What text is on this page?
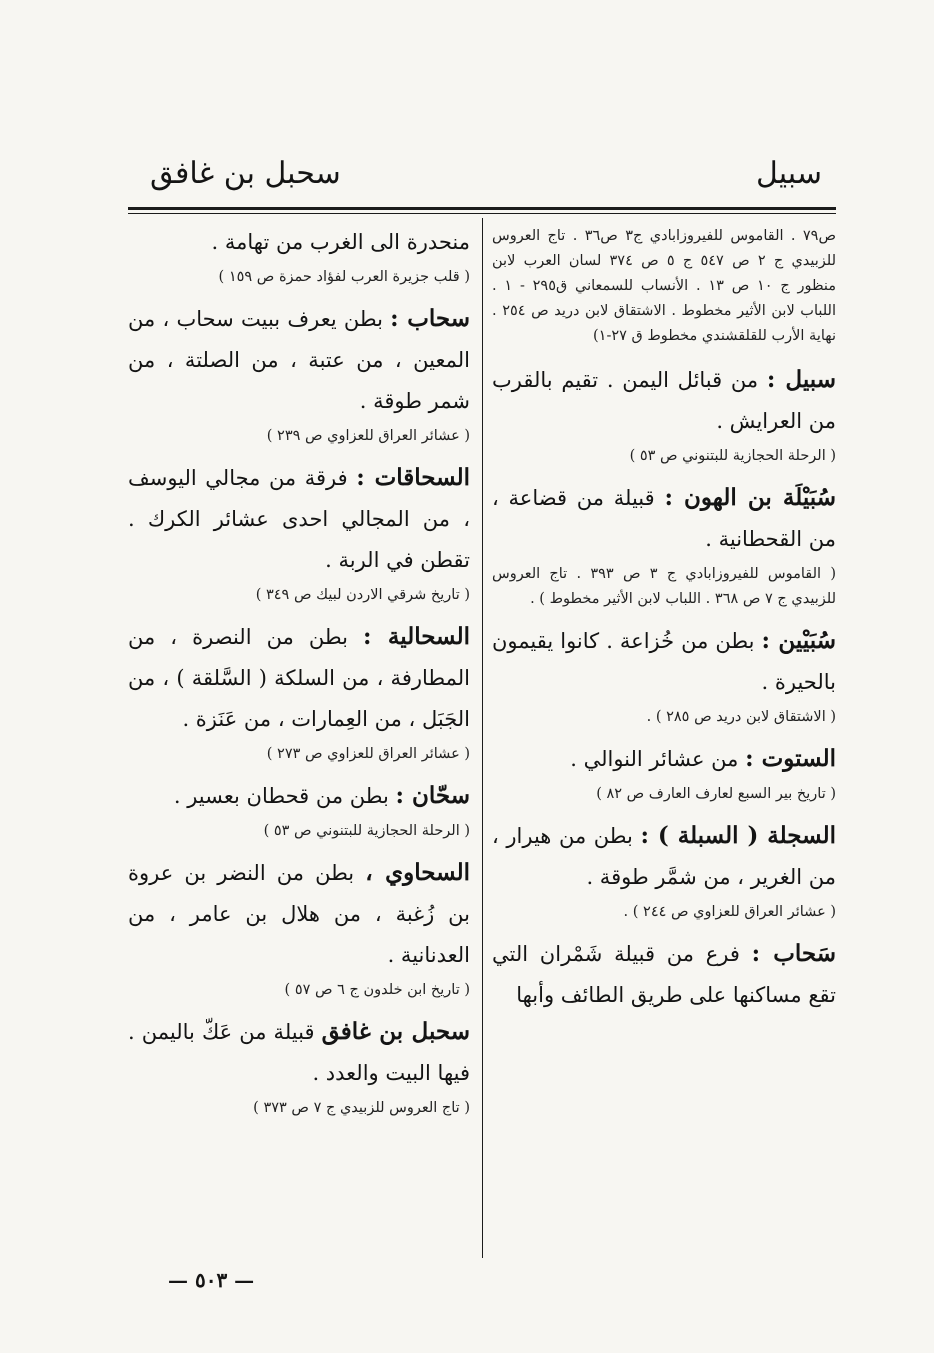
سبيل
سحبل بن غافق

ص٧٩ . القاموس للفيروزابادي ج٣ ص٣٦ . تاج العروس للزبيدي ج ٢ ص ٥٤٧ ج ٥ ص ٣٧٤ لسان العرب لابن منظور ج ١٠ ص ١٣ . الأنساب للسمعاني ق٢٩٥ - ١ . اللباب لابن الأثير مخطوط . الاشتقاق لابن دريد ص ٢٥٤ . نهاية الأرب للقلقشندي مخطوط ق ٢٧-١)

سبيل : من قبائل اليمن . تقيم بالقرب من العرايش .

( الرحلة الحجازية للبتنوني ص ٥٣ )

سُبَيْلَة بن الهون : قبيلة من قضاعة ، من القحطانية .

( القاموس للفيروزابادي ج ٣ ص ٣٩٣ . تاج العروس للزبيدي ج ٧ ص ٣٦٨ . اللباب لابن الأثير مخطوط ) .

سُبَيْين : بطن من خُزاعة . كانوا يقيمون بالحيرة .

( الاشتقاق لابن دريد ص ٢٨٥ ) .

الستوت : من عشائر النوالي .

( تاريخ بير السبع لعارف العارف ص ٨٢ )

السجلة ( السبلة ) : بطن من هيرار ، من الغرير ، من شمَّر طوقة .

( عشائر العراق للعزاوي ص ٢٤٤ ) .

سَحاب : فرع من قبيلة شَمْران التي تقع مساكنها على طريق الطائف وأبها

منحدرة الى الغرب من تهامة .

( قلب جزيرة العرب لفؤاد حمزة ص ١٥٩ )

سحاب : بطن يعرف ببيت سحاب ، من المعين ، من عتبة ، من الصلتة ، من شمر طوقة .

( عشائر العراق للعزاوي ص ٢٣٩ )

السحاقات : فرقة من مجالي اليوسف ، من المجالي احدى عشائر الكرك . تقطن في الربة .

( تاريخ شرقي الاردن لبيك ص ٣٤٩ )

السحالية : بطن من النصرة ، من المطارفة ، من السلكة ( السَّلقة ) ، من الجَبَل ، من العِمارات ، من عَنَزة .

( عشائر العراق للعزاوي ص ٢٧٣ )

سحّان : بطن من قحطان بعسير .

( الرحلة الحجازية للبتنوني ص ٥٣ )

السحاوي ، بطن من النضر بن عروة بن زُغبة ، من هلال بن عامر ، من العدنانية .

( تاريخ ابن خلدون ج ٦ ص ٥٧ )

سحبل بن غافق قبيلة من عَكّ باليمن . فيها البيت والعدد .

( تاج العروس للزبيدي ج ٧ ص ٣٧٣ )

— ٥٠٣ —
